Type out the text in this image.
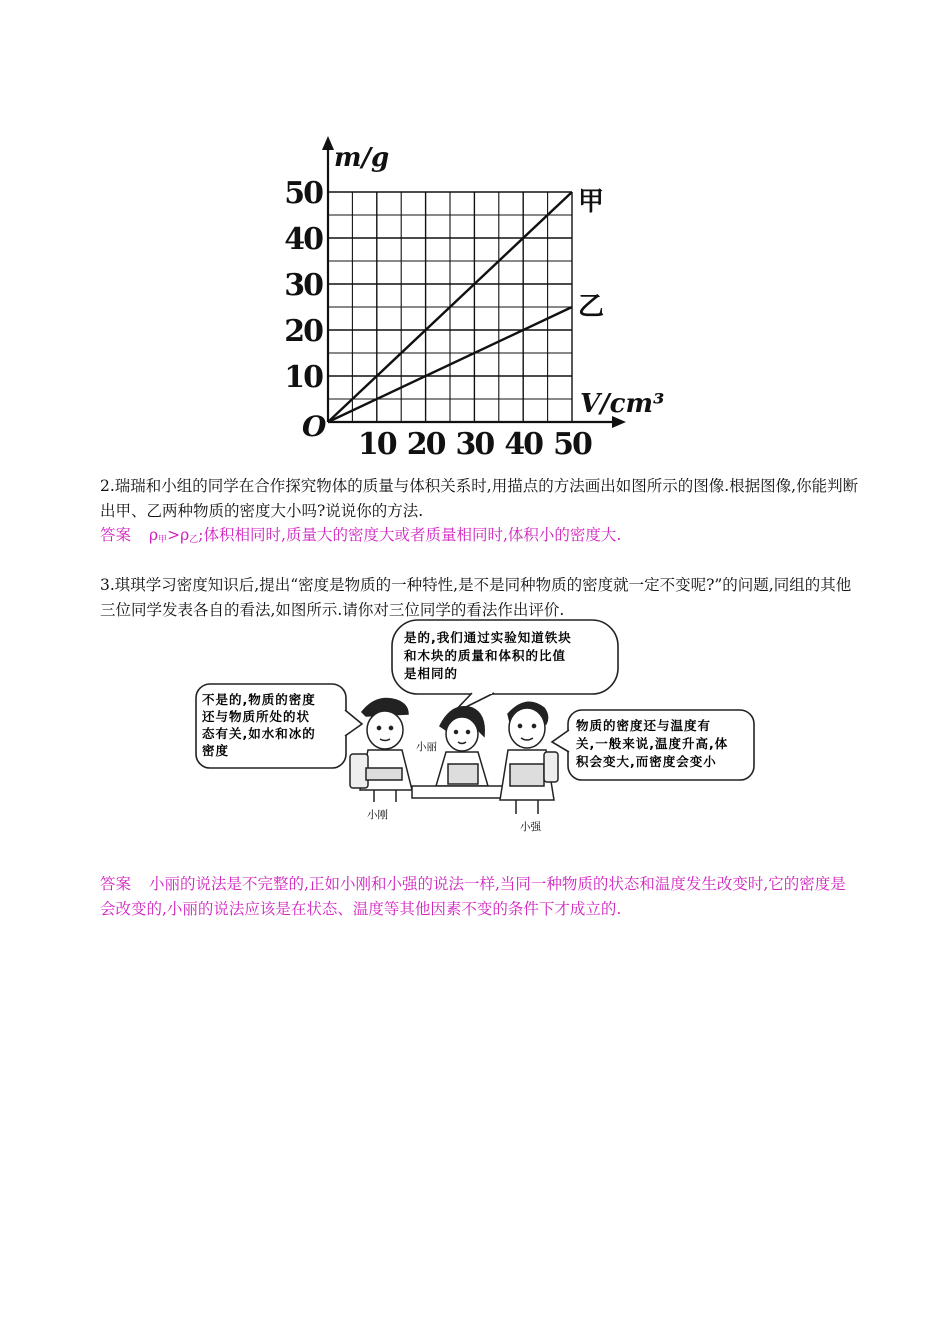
10
20
30
40
50
10 20 30 40 50
O
m/g
V/cm³
甲
乙
2.瑞瑞和小组的同学在合作探究物体的质量与体积关系时,用描点的方法画出如图所示的图像.根据图像,你能判断出甲、乙两种物质的密度大小吗?说说你的方法.
答案 $\rho_甲>\rho_乙$;体积相同时,质量大的密度大或者质量相同时,体积小的密度大.
3.琪琪学习密度知识后,提出“密度是物质的一种特性,是不是同种物质的密度就一定不变呢?”的问题,同组的其他三位同学发表各自的看法,如图所示.请你对三位同学的看法作出评价.
是的,我们通过实验知道铁块
和木块的质量和体积的比值
是相同的
不是的,物质的密度
还与物质所处的状
态有关,如水和冰的
密度
物质的密度还与温度有
关,一般来说,温度升高,体
积会变大,而密度会变小
小刚
小丽
小强
答案 小丽的说法是不完整的,正如小刚和小强的说法一样,当同一种物质的状态和温度发生改变时,它的密度是会改变的,小丽的说法应该是在状态、温度等其他因素不变的条件下才成立的.
